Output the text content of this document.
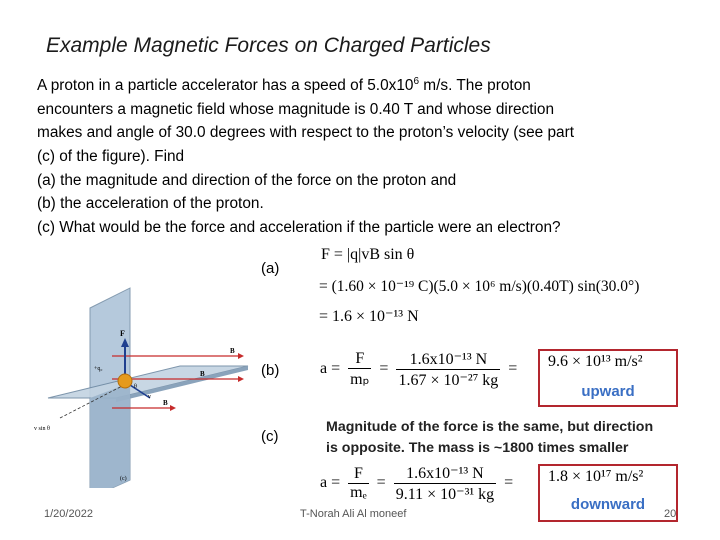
Example Magnetic Forces on Charged Particles
A proton in a particle accelerator has a speed of $5.0x10^6$ m/s. The proton
encounters a magnetic field whose magnitude is 0.40 T and whose direction
makes and angle of 30.0 degrees with respect to the proton’s velocity (see part
(c) of the figure). Find
(a) the magnitude and direction of the force on the proton and
(b) the acceleration of the proton.
(c) What would be the force and acceleration if the particle were an electron?
F
+q₀
B
B
B
θ
v
v sin θ
(c)
(a)
(b)
(c)
F = |q|vB sin θ
= (1.60 × 10⁻¹⁹ C)(5.0 × 10⁶ m/s)(0.40T) sin(30.0°)
= 1.6 × 10⁻¹³ N
$a = \frac{F}{\text{mₚ}} = \frac{\text{1.6x10⁻¹³ N}}{\text{1.67 × 10⁻²⁷ kg}} = 9.6 \times 10^{13}$ m/s²
upward
Magnitude of the force is the same, but direction
is opposite. The mass is ~1800 times smaller
$a = \frac{F}{\text{mₑ}} = \frac{\text{1.6x10⁻¹³ N}}{\text{9.11 × 10⁻³¹ kg}} = 1.8 \times 10^{17}$ m/s²
downward
1/20/2022	T-Norah Ali Al moneef	20
